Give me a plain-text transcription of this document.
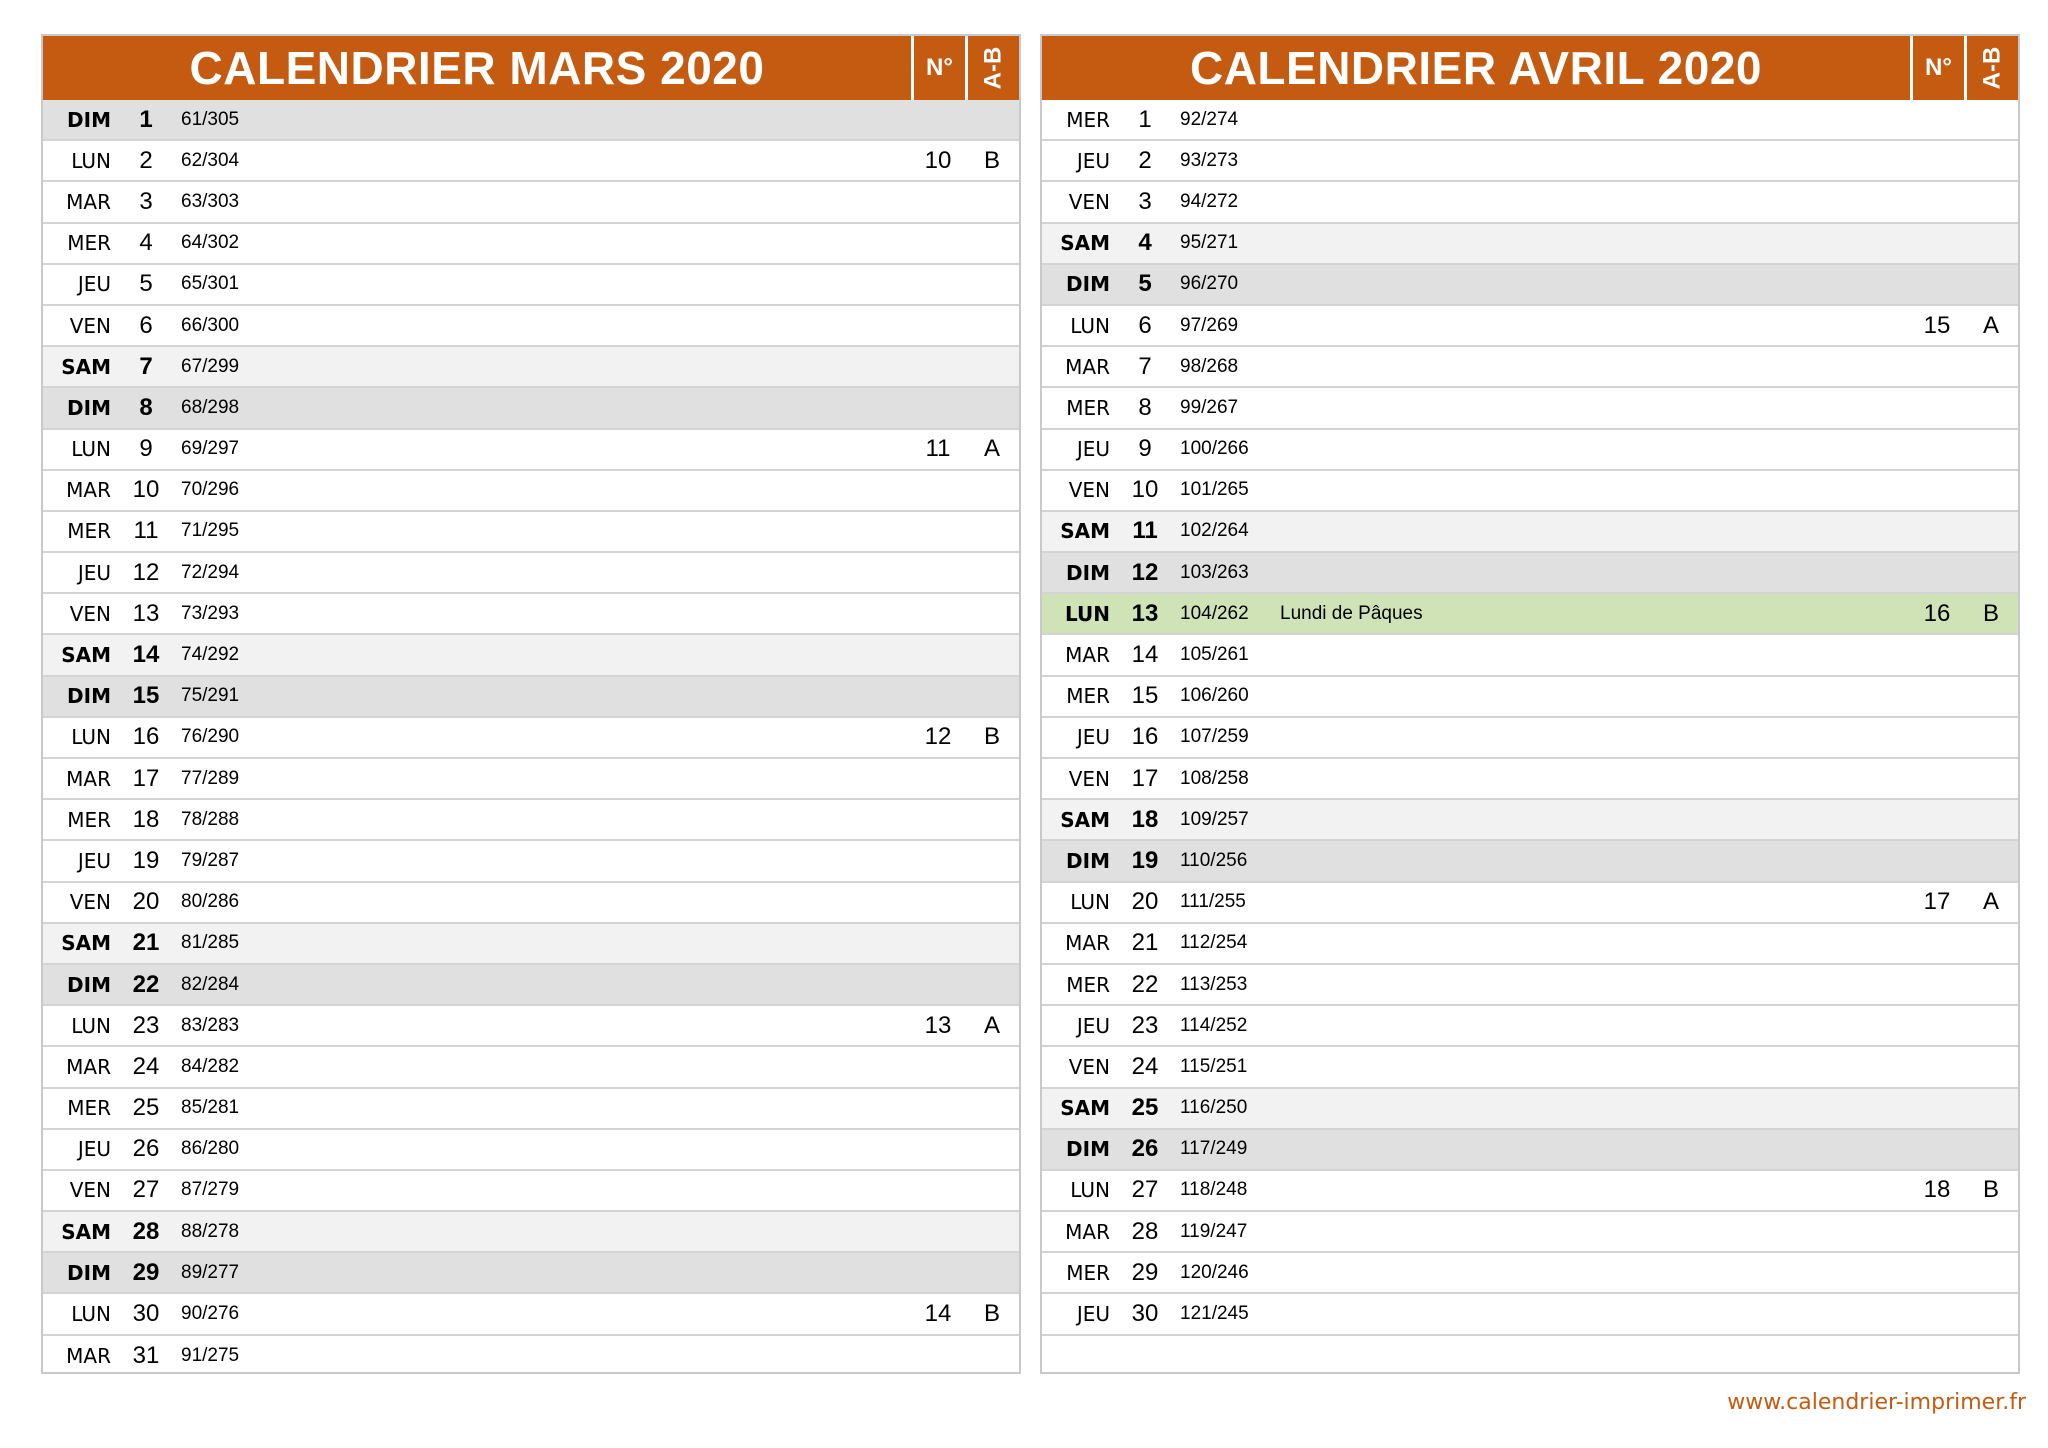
CALENDRIER MARS 2020	N° A-B
DIM	1	61/305
LUN	2	62/304	10	B
MAR	3	63/303
MER	4	64/302
JEU	5	65/301
VEN	6	66/300
SAM	7	67/299
DIM	8	68/298
LUN	9	69/297	11	A
MAR 10	70/296
MER 11	71/295
JEU 12	72/294
VEN 13	73/293
SAM 14	74/292
DIM 15	75/291
LUN 16	76/290	12	B
MAR 17	77/289
MER 18	78/288
JEU 19	79/287
VEN 20	80/286
SAM 21	81/285
DIM 22	82/284
LUN 23	83/283	13	A
MAR 24	84/282
MER 25	85/281
JEU 26	86/280
VEN 27	87/279
SAM 28	88/278
DIM 29	89/277
LUN 30	90/276	14	B
MAR 31	91/275
CALENDRIER AVRIL 2020	N° A-B
MER	1	92/274
JEU	2	93/273
VEN	3	94/272
SAM	4	95/271
DIM	5	96/270
LUN	6	97/269	15	A
MAR	7	98/268
MER	8	99/267
JEU	9	100/266
VEN 10	101/265
SAM 11	102/264
DIM 12	103/263
LUN 13	104/262	Lundi de Pâques	16	B
MAR 14	105/261
MER 15	106/260
JEU 16	107/259
VEN 17	108/258
SAM 18	109/257
DIM 19	110/256
LUN 20	111/255	17	A
MAR 21	112/254
MER 22	113/253
JEU 23	114/252
VEN 24	115/251
SAM 25	116/250
DIM 26	117/249
LUN 27	118/248	18	B
MAR 28	119/247
MER 29	120/246
JEU 30	121/245
www.calendrier-imprimer.fr
